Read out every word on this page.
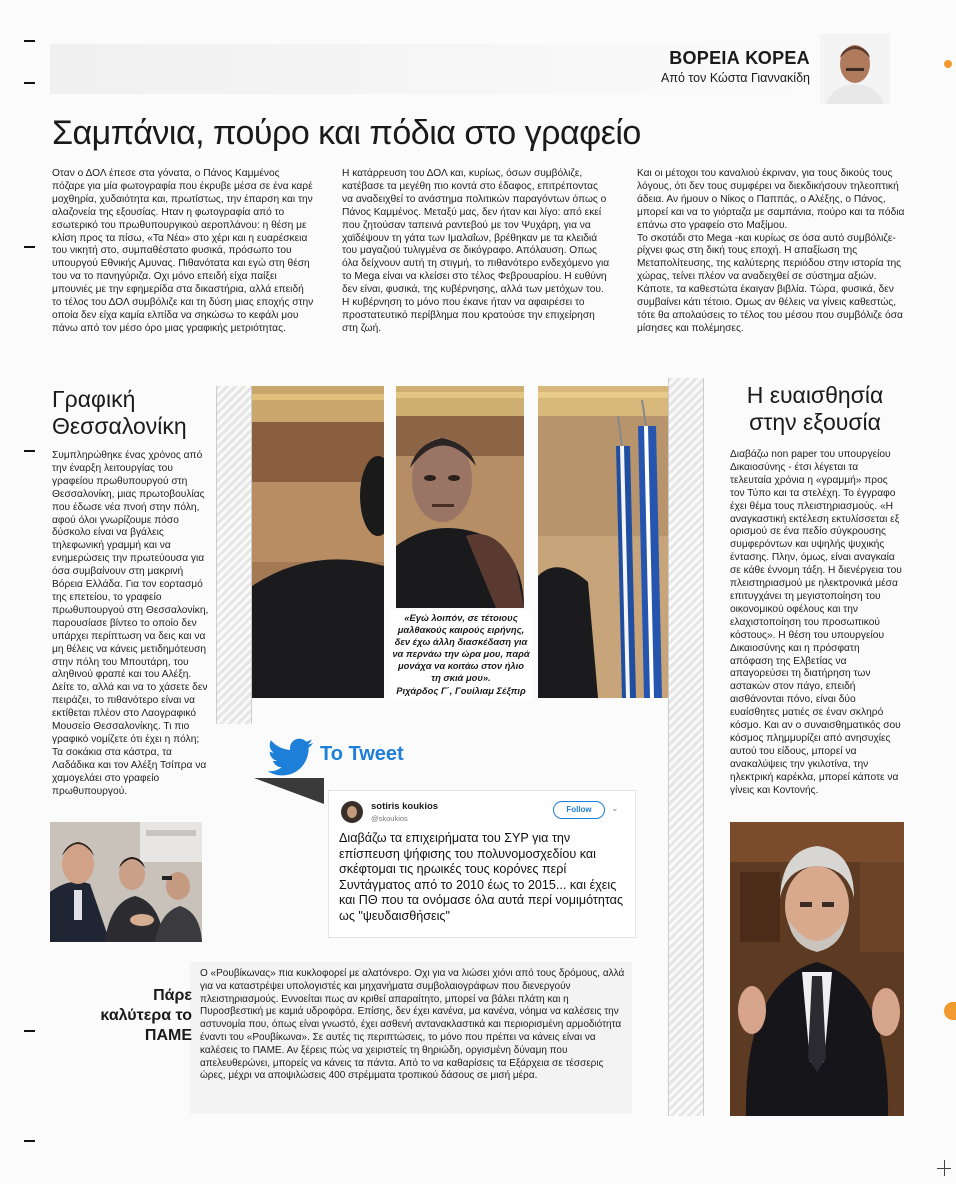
ΒΟΡΕΙΑ ΚΟΡΕΑ
Από τον Κώστα Γιαννακίδη
Σαμπάνια, πούρο και πόδια στο γραφείο

Οταν ο ΔΟΛ έπεσε στα γόνατα, ο Πάνος Καμμένος πόζαρε για μία φωτογραφία που έκρυβε μέσα σε ένα καρέ μοχθηρία, χυδαιότητα και, πρωτίστως, την έπαρση και την αλαζονεία της εξουσίας. Ηταν η φωτογραφία από το εσωτερικό του πρωθυπουργικού αεροπλάνου: η θέση με κλίση προς τα πίσω, «Τα Νέα» στο χέρι και η ευαρέσκεια του νικητή στο, συμπαθέστατο φυσικά, πρόσωπο του υπουργού Εθνικής Αμυνας. Πιθανότατα και εγώ στη θέση του να το πανηγύριζα. Οχι μόνο επειδή είχα παίξει μπουνιές με την εφημερίδα στα δικαστήρια, αλλά επειδή το τέλος του ΔΟΛ συμβόλιζε και τη δύση μιας εποχής στην οποία δεν είχα καμία ελπίδα να σηκώσω το κεφάλι μου πάνω από τον μέσο όρο μιας γραφικής μετριότητας.

Η κατάρρευση του ΔΟΛ και, κυρίως, όσων συμβόλιζε, κατέβασε τα μεγέθη πιο κοντά στο έδαφος, επιτρέποντας να αναδειχθεί το ανάστημα πολιτικών παραγόντων όπως ο Πάνος Καμμένος. Μεταξύ μας, δεν ήταν και λίγο: από εκεί που ζητούσαν ταπεινά ραντεβού με τον Ψυχάρη, για να χαϊδέψουν τη γάτα των Ιμαλαΐων, βρέθηκαν με τα κλειδιά του μαγαζιού τυλιγμένα σε δικόγραφο. Απόλαυση. Οπως όλα δείχνουν αυτή τη στιγμή, το πιθανότερο ενδεχόμενο για το Mega είναι να κλείσει στο τέλος Φεβρουαρίου. Η ευθύνη δεν είναι, φυσικά, της κυβέρνησης, αλλά των μετόχων του. Η κυβέρνηση το μόνο που έκανε ήταν να αφαιρέσει το προστατευτικό περίβλημα που κρατούσε την επιχείρηση στη ζωή.

Και οι μέτοχοι του καναλιού έκριναν, για τους δικούς τους λόγους, ότι δεν τους συμφέρει να διεκδικήσουν τηλεοπτική άδεια. Αν ήμουν ο Νίκος ο Παππάς, ο Αλέξης, ο Πάνος, μπορεί και να το γιόρταζα με σαμπάνια, πούρο και τα πόδια επάνω στο γραφείο στο Μαξίμου.

Το σκοτάδι στο Mega -και κυρίως σε όσα αυτό συμβόλιζε- ρίχνει φως στη δική τους εποχή. Η απαξίωση της Μεταπολίτευσης, της καλύτερης περιόδου στην ιστορία της χώρας, τείνει πλέον να αναδειχθεί σε σύστημα αξιών. Κάποτε, τα καθεστώτα έκαιγαν βιβλία. Τώρα, φυσικά, δεν συμβαίνει κάτι τέτοιο. Ομως αν θέλεις να γίνεις καθεστώς, τότε θα απολαύσεις το τέλος του μέσου που συμβόλιζε όσα μίσησες και πολέμησες.

Γραφική
Θεσσαλονίκη

Συμπληρώθηκε ένας χρόνος από την έναρξη λειτουργίας του γραφείου πρωθυπουργού στη Θεσσαλονίκη, μιας πρωτοβουλίας που έδωσε νέα πνοή στην πόλη, αφού όλοι γνωρίζουμε πόσο δύσκολο είναι να βγάλεις τηλεφωνική γραμμή και να ενημερώσεις την πρωτεύουσα για όσα συμβαίνουν στη μακρινή Βόρεια Ελλάδα. Για τον εορτασμό της επετείου, το γραφείο πρωθυπουργού στη Θεσσαλονίκη, παρουσίασε βίντεο το οποίο δεν υπάρχει περίπτωση να δεις και να μη θέλεις να κάνεις μετιδημότευση στην πόλη του Μπουτάρη, του αληθινού φραπέ και του Αλέξη. Δείτε το, αλλά και να το χάσετε δεν πειράζει, το πιθανότερο είναι να εκτίθεται πλέον στο Λαογραφικό Μουσείο Θεσσαλονίκης. Τι πιο γραφικό νομίζετε ότι έχει η πόλη; Τα σοκάκια στα κάστρα, τα Λαδάδικα και τον Αλέξη Τσίπρα να χαμογελάει στο γραφείο πρωθυπουργού.

«Εγώ λοιπόν, σε τέτοιους μαλθακούς καιρούς ειρήνης, δεν έχω άλλη διασκέδαση για να περνάω την ώρα μου, παρά μονάχα να κοιτάω στον ήλιο τη σκιά μου».
Ριχάρδος Γ΄, Γουίλιαμ Σέξπιρ
Το Tweet
sotiris koukios
@skoukios
Follow	⌄
Διαβάζω τα επιχειρήματα του ΣΥΡ για την επίσπευση ψήφισης του πολυνομοσχεδίου και σκέφτομαι τις ηρωικές τους κορόνες περί Συντάγματος από το 2010 έως το 2015... και έχεις και ΠΘ που τα ονόμασε όλα αυτά περί νομιμότητας ως "ψευδαισθήσεις"
Η ευαισθησία
στην εξουσία

Διαβάζω non paper του υπουργείου Δικαιοσύνης - έτσι λέγεται τα τελευταία χρόνια η «γραμμή» προς τον Τύπο και τα στελέχη. Το έγγραφο έχει θέμα τους πλειστηριασμούς. «Η αναγκαστική εκτέλεση εκτυλίσσεται εξ ορισμού σε ένα πεδίο σύγκρουσης συμφερόντων και υψηλής ψυχικής έντασης. Πλην, όμως, είναι αναγκαία σε κάθε έννομη τάξη. Η διενέργεια του πλειστηριασμού με ηλεκτρονικά μέσα επιτυγχάνει τη μεγιστοποίηση του οικονομικού οφέλους και την ελαχιστοποίηση του προσωπικού κόστους». Η θέση του υπουργείου Δικαιοσύνης και η πρόσφατη απόφαση της Ελβετίας να απαγορεύσει τη διατήρηση των αστακών στον πάγο, επειδή αισθάνονται πόνο, είναι δύο ευαίσθητες ματιές σε έναν σκληρό κόσμο. Και αν ο συναισθηματικός σου κόσμος πλημμυρίζει από ανησυχίες αυτού του είδους, μπορεί να ανακαλύψεις την γκιλοτίνα, την ηλεκτρική καρέκλα, μπορεί κάποτε να γίνεις και Κοντονής.

Πάρε καλύτερα το ΠΑΜΕ

Ο «Ρουβίκωνας» πια κυκλοφορεί με αλατόνερο. Οχι για να λιώσει χιόνι από τους δρόμους, αλλά για να καταστρέψει υπολογιστές και μηχανήματα συμβολαιογράφων που διενεργούν πλειστηριασμούς. Εννοείται πως αν κριθεί απαραίτητο, μπορεί να βάλει πλάτη και η Πυροσβεστική με καμιά υδροφόρα. Επίσης, δεν έχει κανένα, μα κανένα, νόημα να καλέσεις την αστυνομία που, όπως είναι γνωστό, έχει ασθενή αντανακλαστικά και περιορισμένη αρμοδιότητα έναντι του «Ρουβίκωνα». Σε αυτές τις περιπτώσεις, το μόνο που πρέπει να κάνεις είναι να καλέσεις το ΠΑΜΕ. Αν ξέρεις πώς να χειριστείς τη θηριώδη, οργισμένη δύναμη που απελευθερώνει, μπορείς να κάνεις τα πάντα. Από το να καθαρίσεις τα Εξάρχεια σε τέσσερις ώρες, μέχρι να αποψιλώσεις 400 στρέμματα τροπικού δάσους σε μισή μέρα.
